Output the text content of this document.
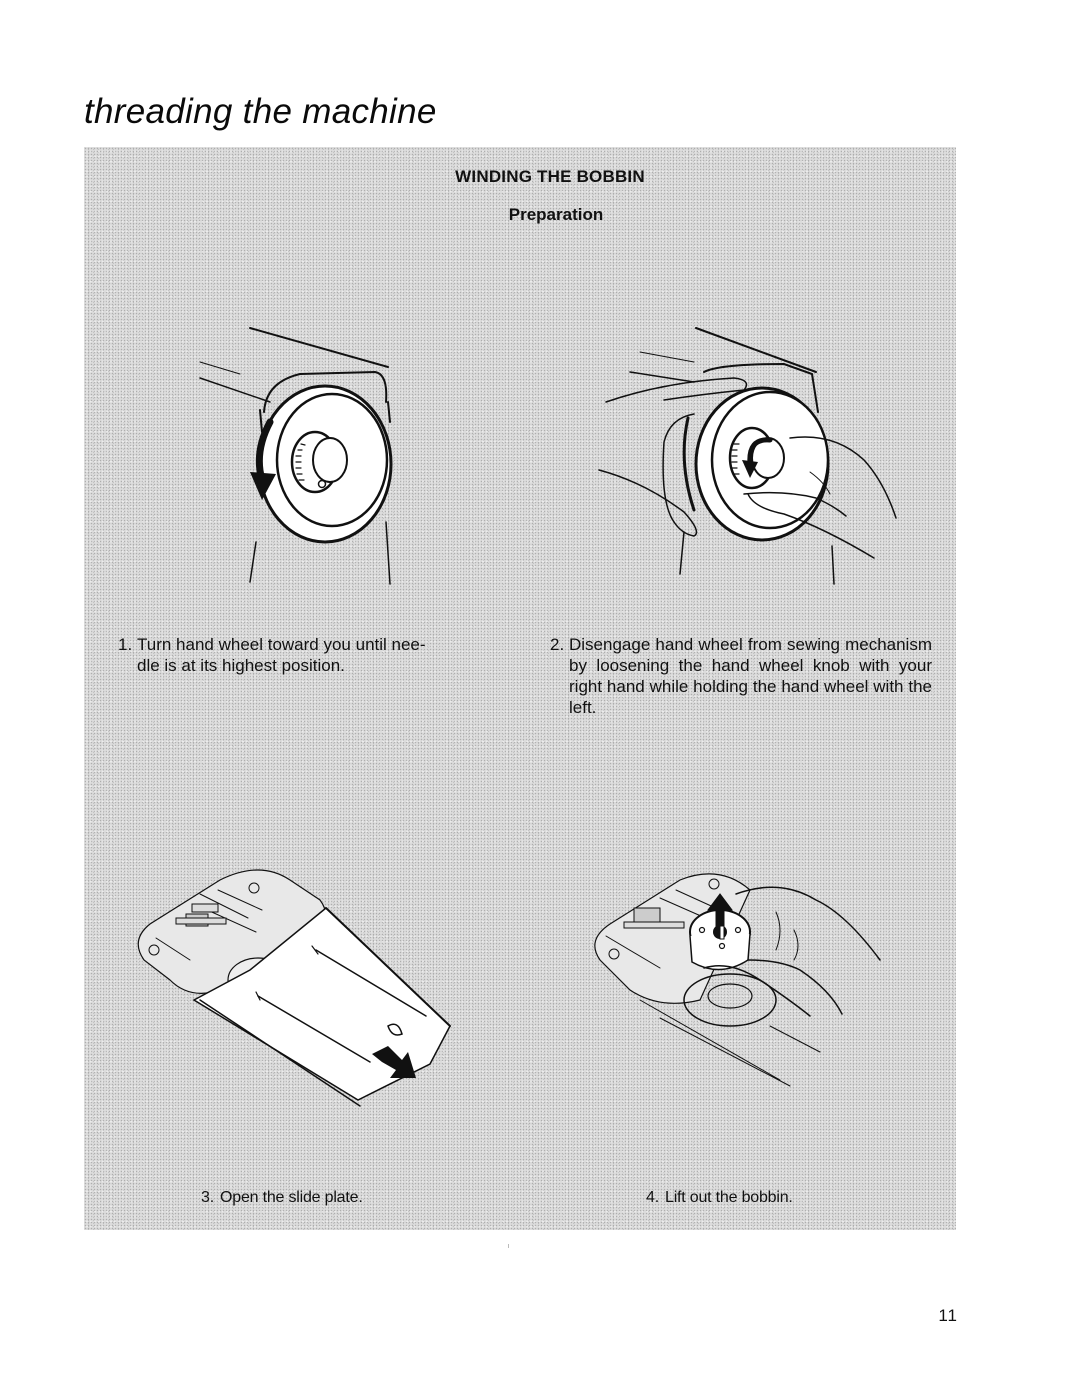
threading the machine
WINDING THE BOBBIN
Preparation
1. Turn hand wheel toward you until nee-
dle is at its highest position.
2. Disengage hand wheel from sewing mechanism by loosening the hand wheel knob with your right hand while holding the hand wheel with the left.
3. Open the slide plate.	4. Lift out the bobbin.
11
